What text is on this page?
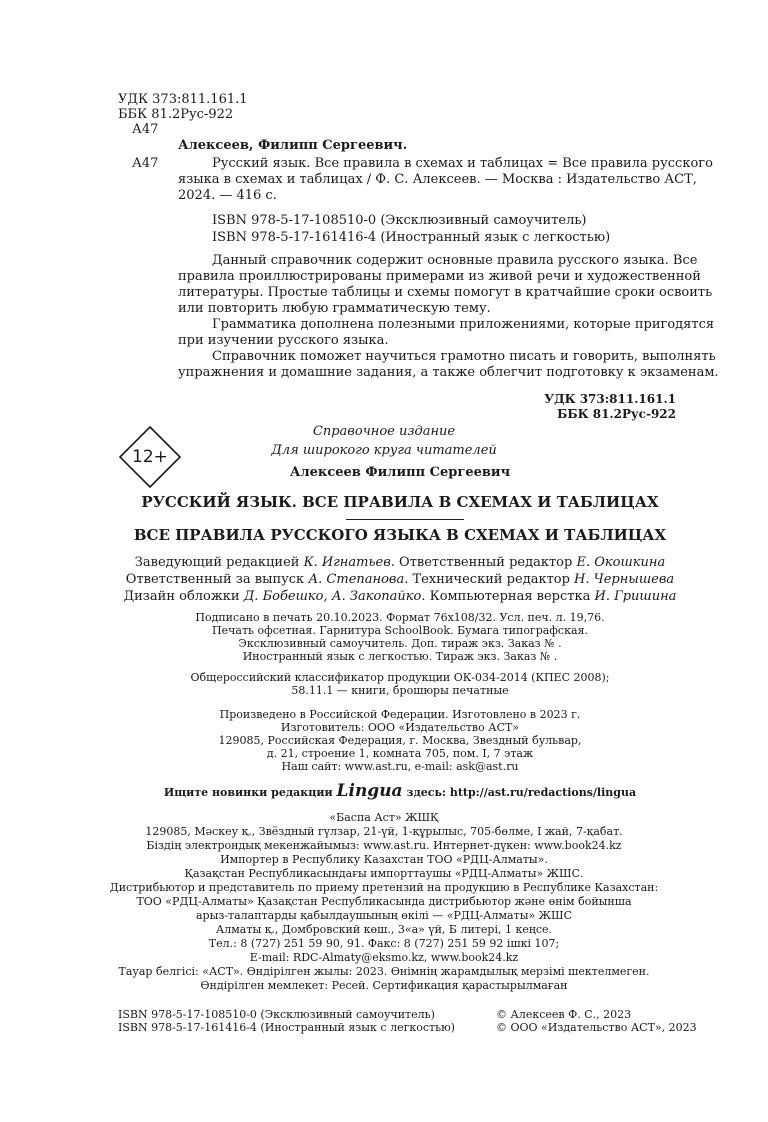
УДК 373:811.161.1
ББК 81.2Рус-922
А47
Алексеев, Филипп Сергеевич.
А47	Русский язык. Все правила в схемах и таблицах = Все правила русского
языка в схемах и таблицах / Ф. С. Алексеев. — Москва : Издательство АСТ,
2024. — 416 с.
ISBN 978-5-17-108510-0 (Эксклюзивный самоучитель)
ISBN 978-5-17-161416-4 (Иностранный язык с легкостью)
Данный справочник содержит основные правила русского языка. Все
правила проиллюстрированы примерами из живой речи и художественной
литературы. Простые таблицы и схемы помогут в кратчайшие сроки освоить
или повторить любую грамматическую тему.
Грамматика дополнена полезными приложениями, которые пригодятся
при изучении русского языка.
Справочник поможет научиться грамотно писать и говорить, выполнять
упражнения и домашние задания, а также облегчит подготовку к экзаменам.
УДК 373:811.161.1
ББК 81.2Рус-922
12+
Справочное издание
Для широкого круга читателей
Алексеев Филипп Сергеевич
РУССКИЙ ЯЗЫК. ВСЕ ПРАВИЛА В СХЕМАХ И ТАБЛИЦАХ
ВСЕ ПРАВИЛА РУССКОГО ЯЗЫКА В СХЕМАХ И ТАБЛИЦАХ
Заведующий редакцией К. Игнатьев. Ответственный редактор Е. Окошкина
Ответственный за выпуск А. Степанова. Технический редактор Н. Чернышева
Дизайн обложки Д. Бобешко, А. Закопайко. Компьютерная верстка И. Гришина
Подписано в печать 20.10.2023. Формат 76x108/32. Усл. печ. л. 19,76.
Печать офсетная. Гарнитура SchoolBook. Бумага типографская.
Эксклюзивный самоучитель. Доп. тираж экз. Заказ № .
Иностранный язык с легкостью. Тираж экз. Заказ № .
Общероссийский классификатор продукции ОК-034-2014 (КПЕС 2008);
58.11.1 — книги, брошюры печатные
Произведено в Российской Федерации. Изготовлено в 2023 г.
Изготовитель: ООО «Издательство АСТ»
129085, Российская Федерация, г. Москва, Звездный бульвар,
д. 21, строение 1, комната 705, пом. I, 7 этаж
Наш сайт: www.ast.ru, e-mail: ask@ast.ru
Ищите новинки редакции Lingua здесь: http://ast.ru/redactions/lingua
«Баспа Аст» ЖШҚ
129085, Мәскеу қ., Звёздный гүлзар, 21-үй, 1-құрылыс, 705-бөлме, I жай, 7-қабат.
Біздің электрондық мекенжайымыз: www.ast.ru. Интернет-дүкен: www.book24.kz
Импортер в Республику Казахстан ТОО «РДЦ-Алматы».
Қазақстан Республикасындағы импорттаушы «РДЦ-Алматы» ЖШС.
Дистрибьютор и представитель по приему претензий на продукцию в Республике Казахстан:
ТОО «РДЦ-Алматы» Қазақстан Республикасында дистрибьютор және өнім бойынша
арыз-талаптарды қабылдаушының өкілі — «РДЦ-Алматы» ЖШС
Алматы қ., Домбровский көш., 3«а» үй, Б литері, 1 кеңсе.
Тел.: 8 (727) 251 59 90, 91. Факс: 8 (727) 251 59 92 ішкі 107;
E-mail: RDC-Almaty@eksmo.kz, www.book24.kz
Тауар белгісі: «АСТ». Өндірілген жылы: 2023. Өнімнің жарамдылық мерзімі шектелмеген.
Өндірілген мемлекет: Ресей. Сертификация қарастырылмаған
ISBN 978-5-17-108510-0 (Эксклюзивный самоучитель)
ISBN 978-5-17-161416-4 (Иностранный язык с легкостью)
© Алексеев Ф. С., 2023
© ООО «Издательство АСТ», 2023
